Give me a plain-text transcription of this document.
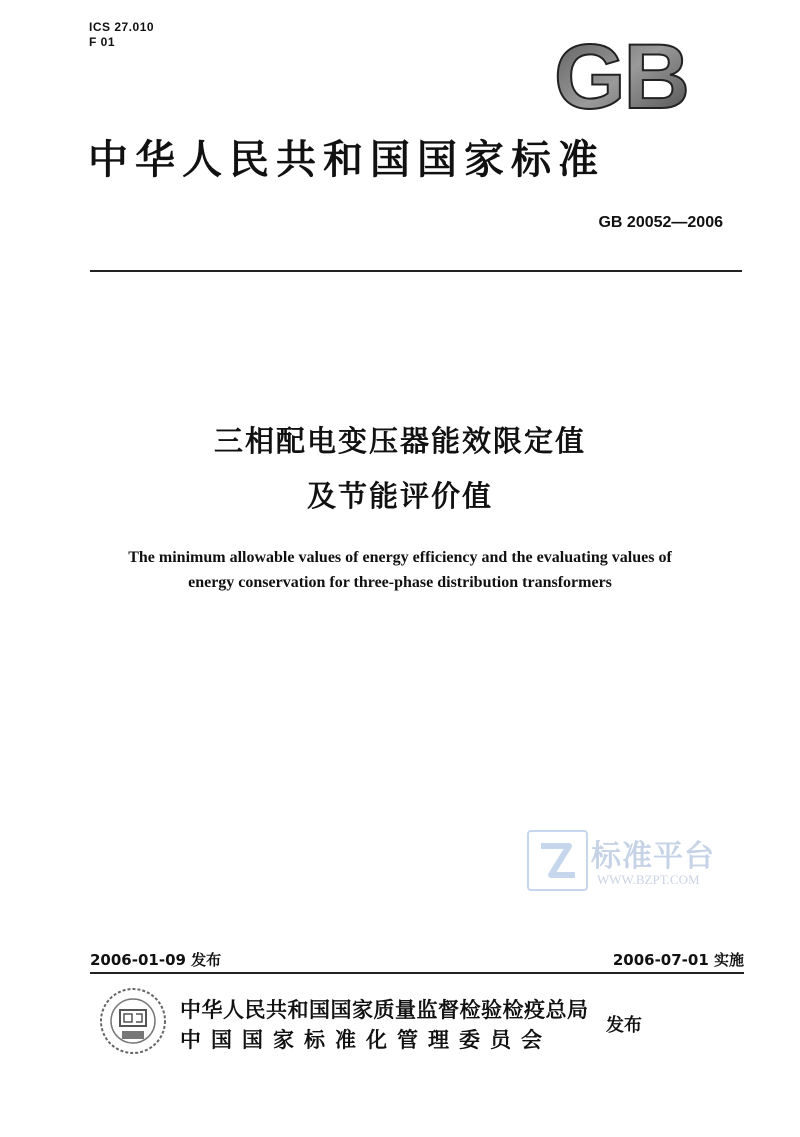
ICS 27.010
F 01	GB
中华人民共和国国家标准
GB 20052—2006
三相配电变压器能效限定值
及节能评价值
The minimum allowable values of energy efficiency and the evaluating values of
energy conservation for three-phase distribution transformers
标准平台
WWW.BZPT.COM
2006-01-09 发布	2006-07-01 实施
中华人民共和国国家质量监督检验检疫总局
中国国家标准化管理委员会
发布
